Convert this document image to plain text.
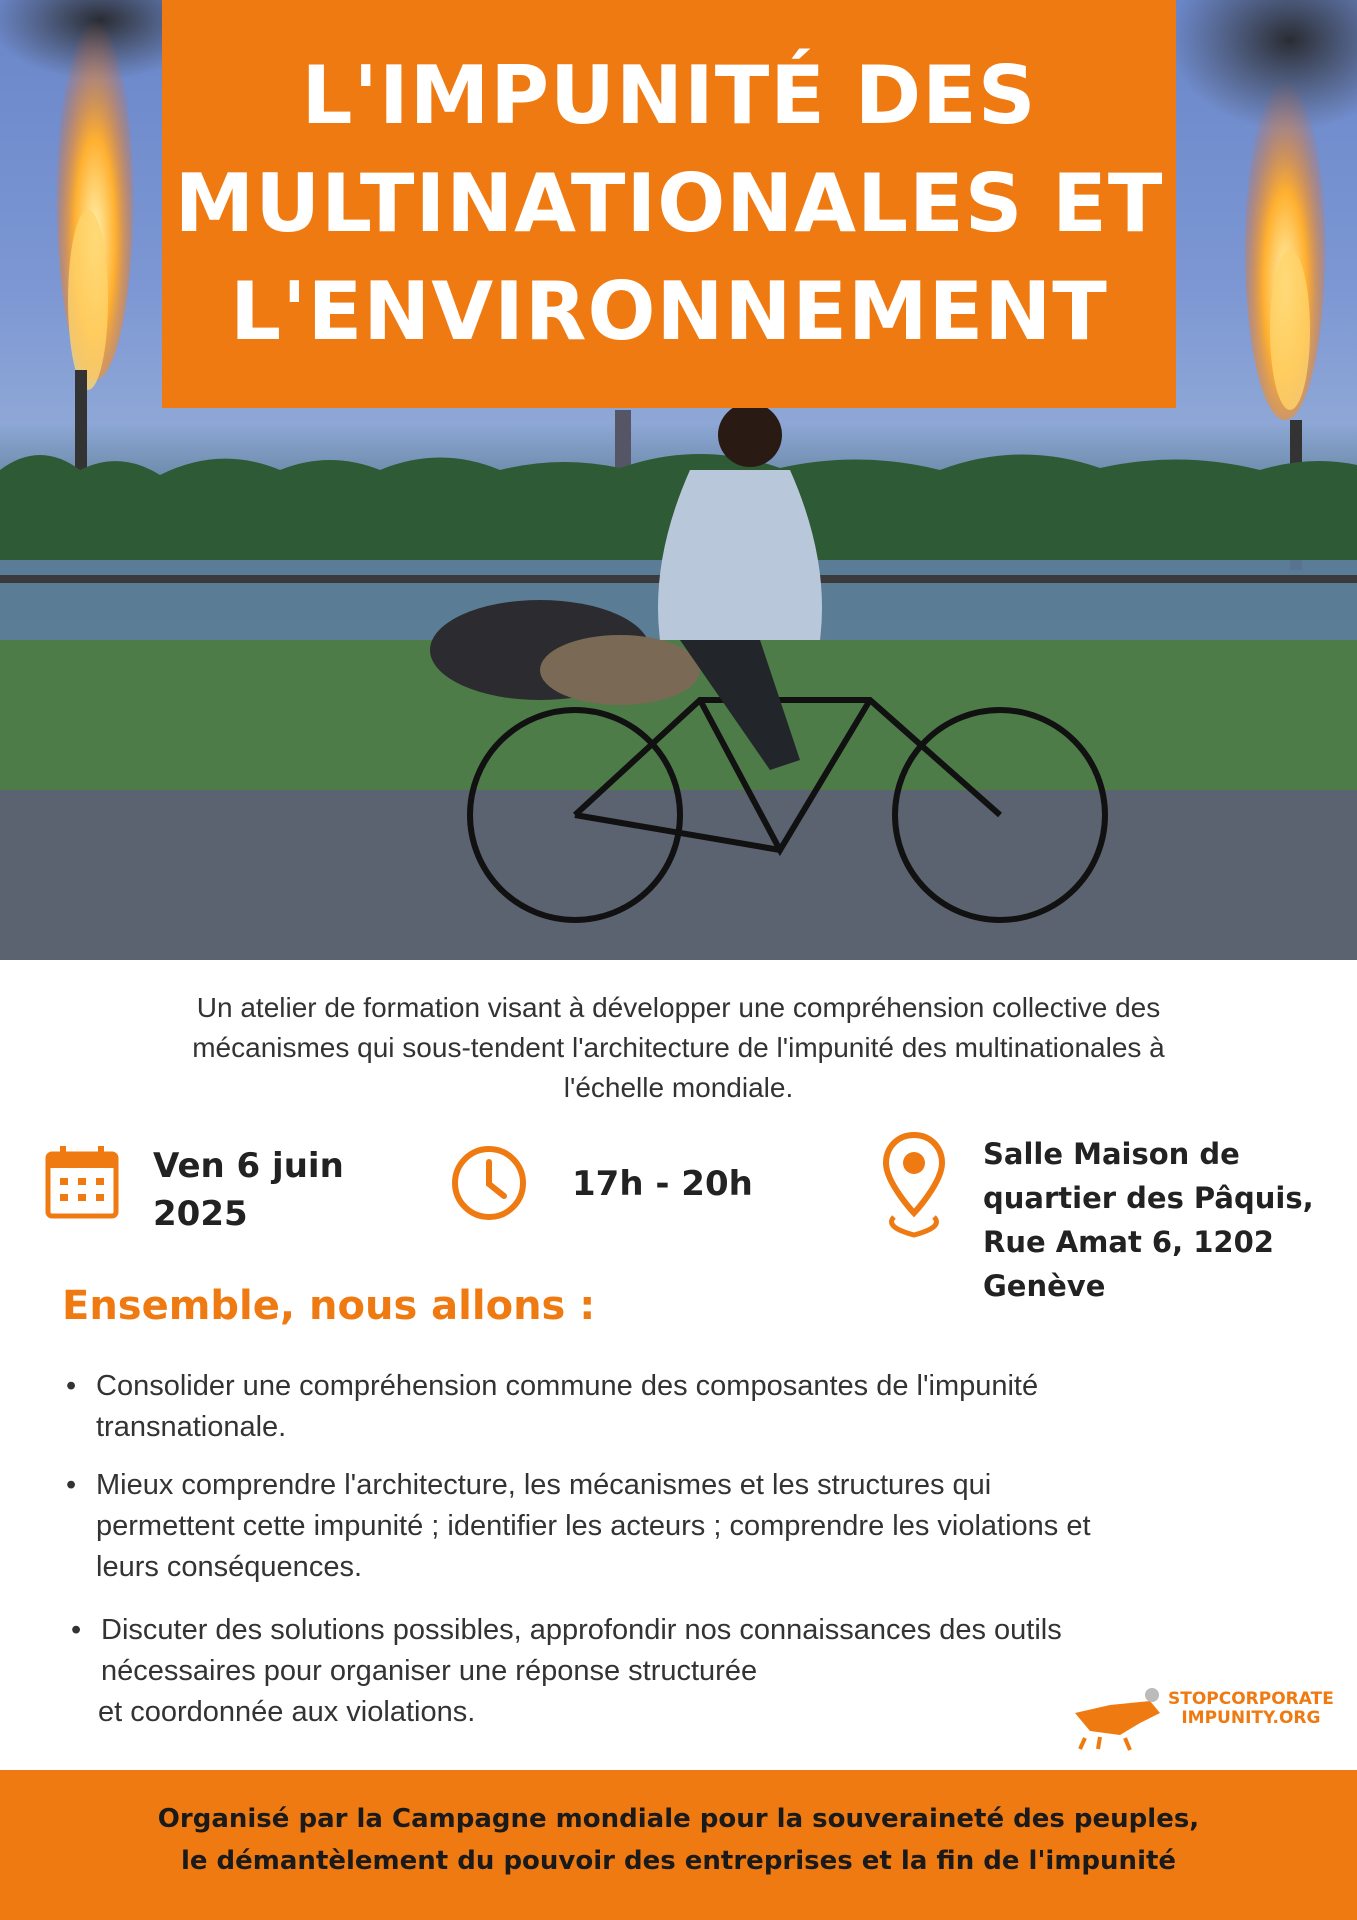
L'IMPUNITÉ DES
MULTINATIONALES ET
L'ENVIRONNEMENT
Un atelier de formation visant à développer une compréhension collective des
mécanismes qui sous-tendent l'architecture de l'impunité des multinationales à
l'échelle mondiale.
Ven 6 juin
2025
17h - 20h
Salle Maison de
quartier des Pâquis,
Rue Amat 6, 1202
Genève
Ensemble, nous allons :
• Consolider une compréhension commune des composantes de l'impunité
transnationale.
• Mieux comprendre l'architecture, les mécanismes et les structures qui
permettent cette impunité ; identifier les acteurs ; comprendre les violations et
leurs conséquences.
• Discuter des solutions possibles, approfondir nos connaissances des outils
nécessaires pour organiser une réponse structurée
et coordonnée aux violations.	STOPCORPORATE
IMPUNITY.ORG
Organisé par la Campagne mondiale pour la souveraineté des peuples,
le démantèlement du pouvoir des entreprises et la fin de l'impunité
